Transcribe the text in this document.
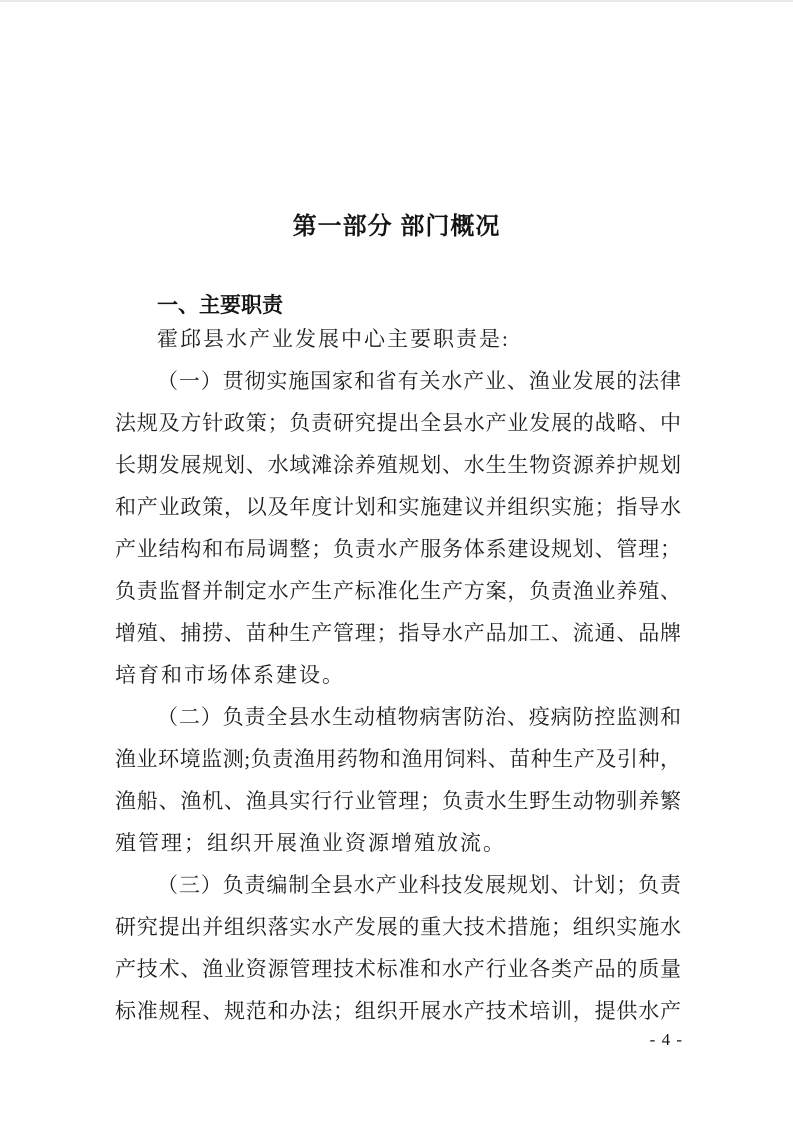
第一部分 部门概况
一、主要职责

霍邱县水产业发展中心主要职责是:

（一）贯彻实施国家和省有关水产业、渔业发展的法律

法规及方针政策；负责研究提出全县水产业发展的战略、中

长期发展规划、水域滩涂养殖规划、水生生物资源养护规划

和产业政策，以及年度计划和实施建议并组织实施；指导水

产业结构和布局调整；负责水产服务体系建设规划、管理；

负责监督并制定水产生产标准化生产方案，负责渔业养殖、

增殖、捕捞、苗种生产管理；指导水产品加工、流通、品牌

培育和市场体系建设。

（二）负责全县水生动植物病害防治、疫病防控监测和

渔业环境监测;负责渔用药物和渔用饲料、苗种生产及引种，

渔船、渔机、渔具实行行业管理；负责水生野生动物驯养繁

殖管理；组织开展渔业资源增殖放流。

（三）负责编制全县水产业科技发展规划、计划；负责

研究提出并组织落实水产发展的重大技术措施；组织实施水

产技术、渔业资源管理技术标准和水产行业各类产品的质量

标准规程、规范和办法；组织开展水产技术培训，提供水产

- 4 -
